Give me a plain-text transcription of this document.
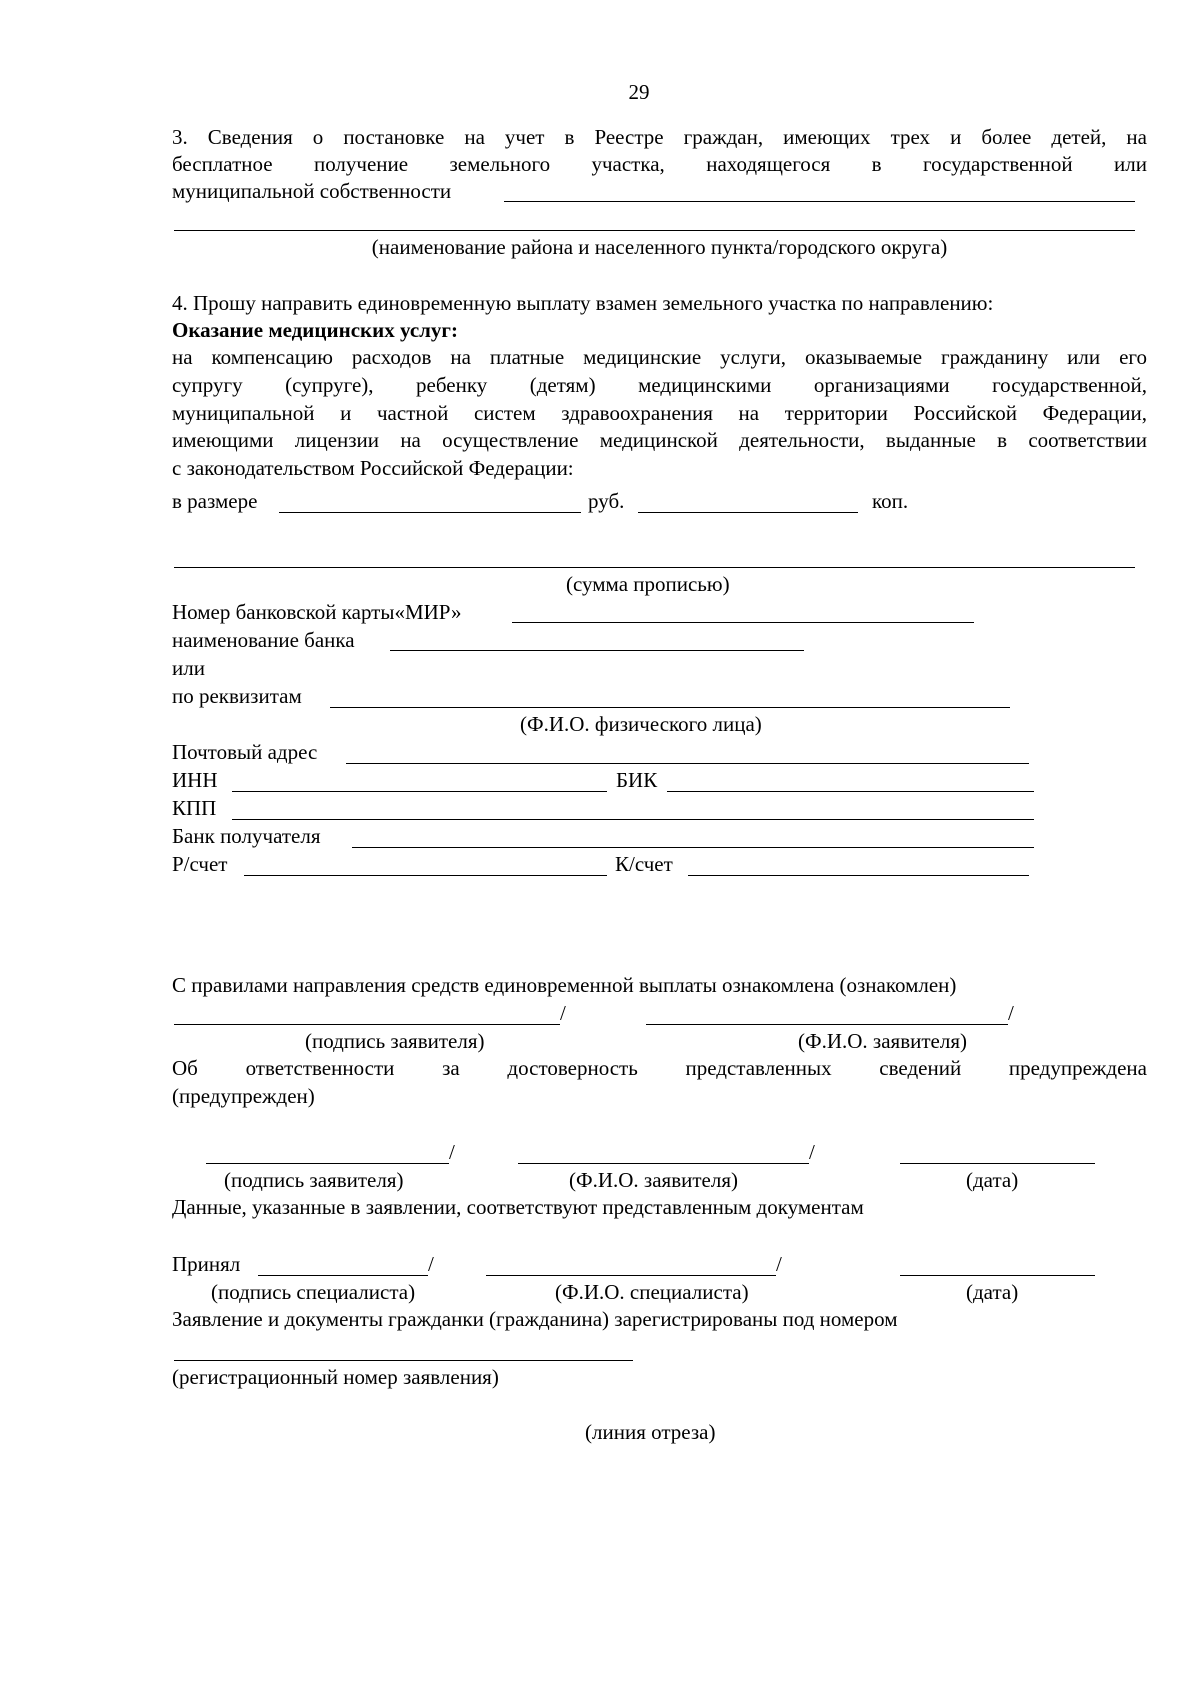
29
3. Сведения о постановке на учет в Реестре граждан, имеющих трех и более детей, на
бесплатное получение земельного участка, находящегося в государственной или
муниципальной собственности
(наименование района и населенного пункта/городского округа)
4. Прошу направить единовременную выплату взамен земельного участка по направлению:
Оказание медицинских услуг:
на компенсацию расходов на платные медицинские услуги, оказываемые гражданину или его
супругу (супруге), ребенку (детям) медицинскими организациями государственной,
муниципальной и частной систем здравоохранения на территории Российской Федерации,
имеющими лицензии на осуществление медицинской деятельности, выданные в соответствии
с законодательством Российской Федерации:
в размере	руб.	коп.
(сумма прописью)
Номер банковской карты«МИР»
наименование банка
или
по реквизитам
(Ф.И.О. физического лица)
Почтовый адрес
ИНН	БИК
КПП
Банк получателя
Р/счет	К/счет
С правилами направления средств единовременной выплаты ознакомлена (ознакомлен)
/	/
(подпись заявителя)	(Ф.И.О. заявителя)
Об ответственности за достоверность представленных сведений предупреждена
(предупрежден)
/	/
(подпись заявителя)	(Ф.И.О. заявителя)	(дата)
Данные, указанные в заявлении, соответствуют представленным документам
Принял	/	/
(подпись специалиста)	(Ф.И.О. специалиста)	(дата)
Заявление и документы гражданки (гражданина) зарегистрированы под номером
(регистрационный номер заявления)
(линия отреза)
